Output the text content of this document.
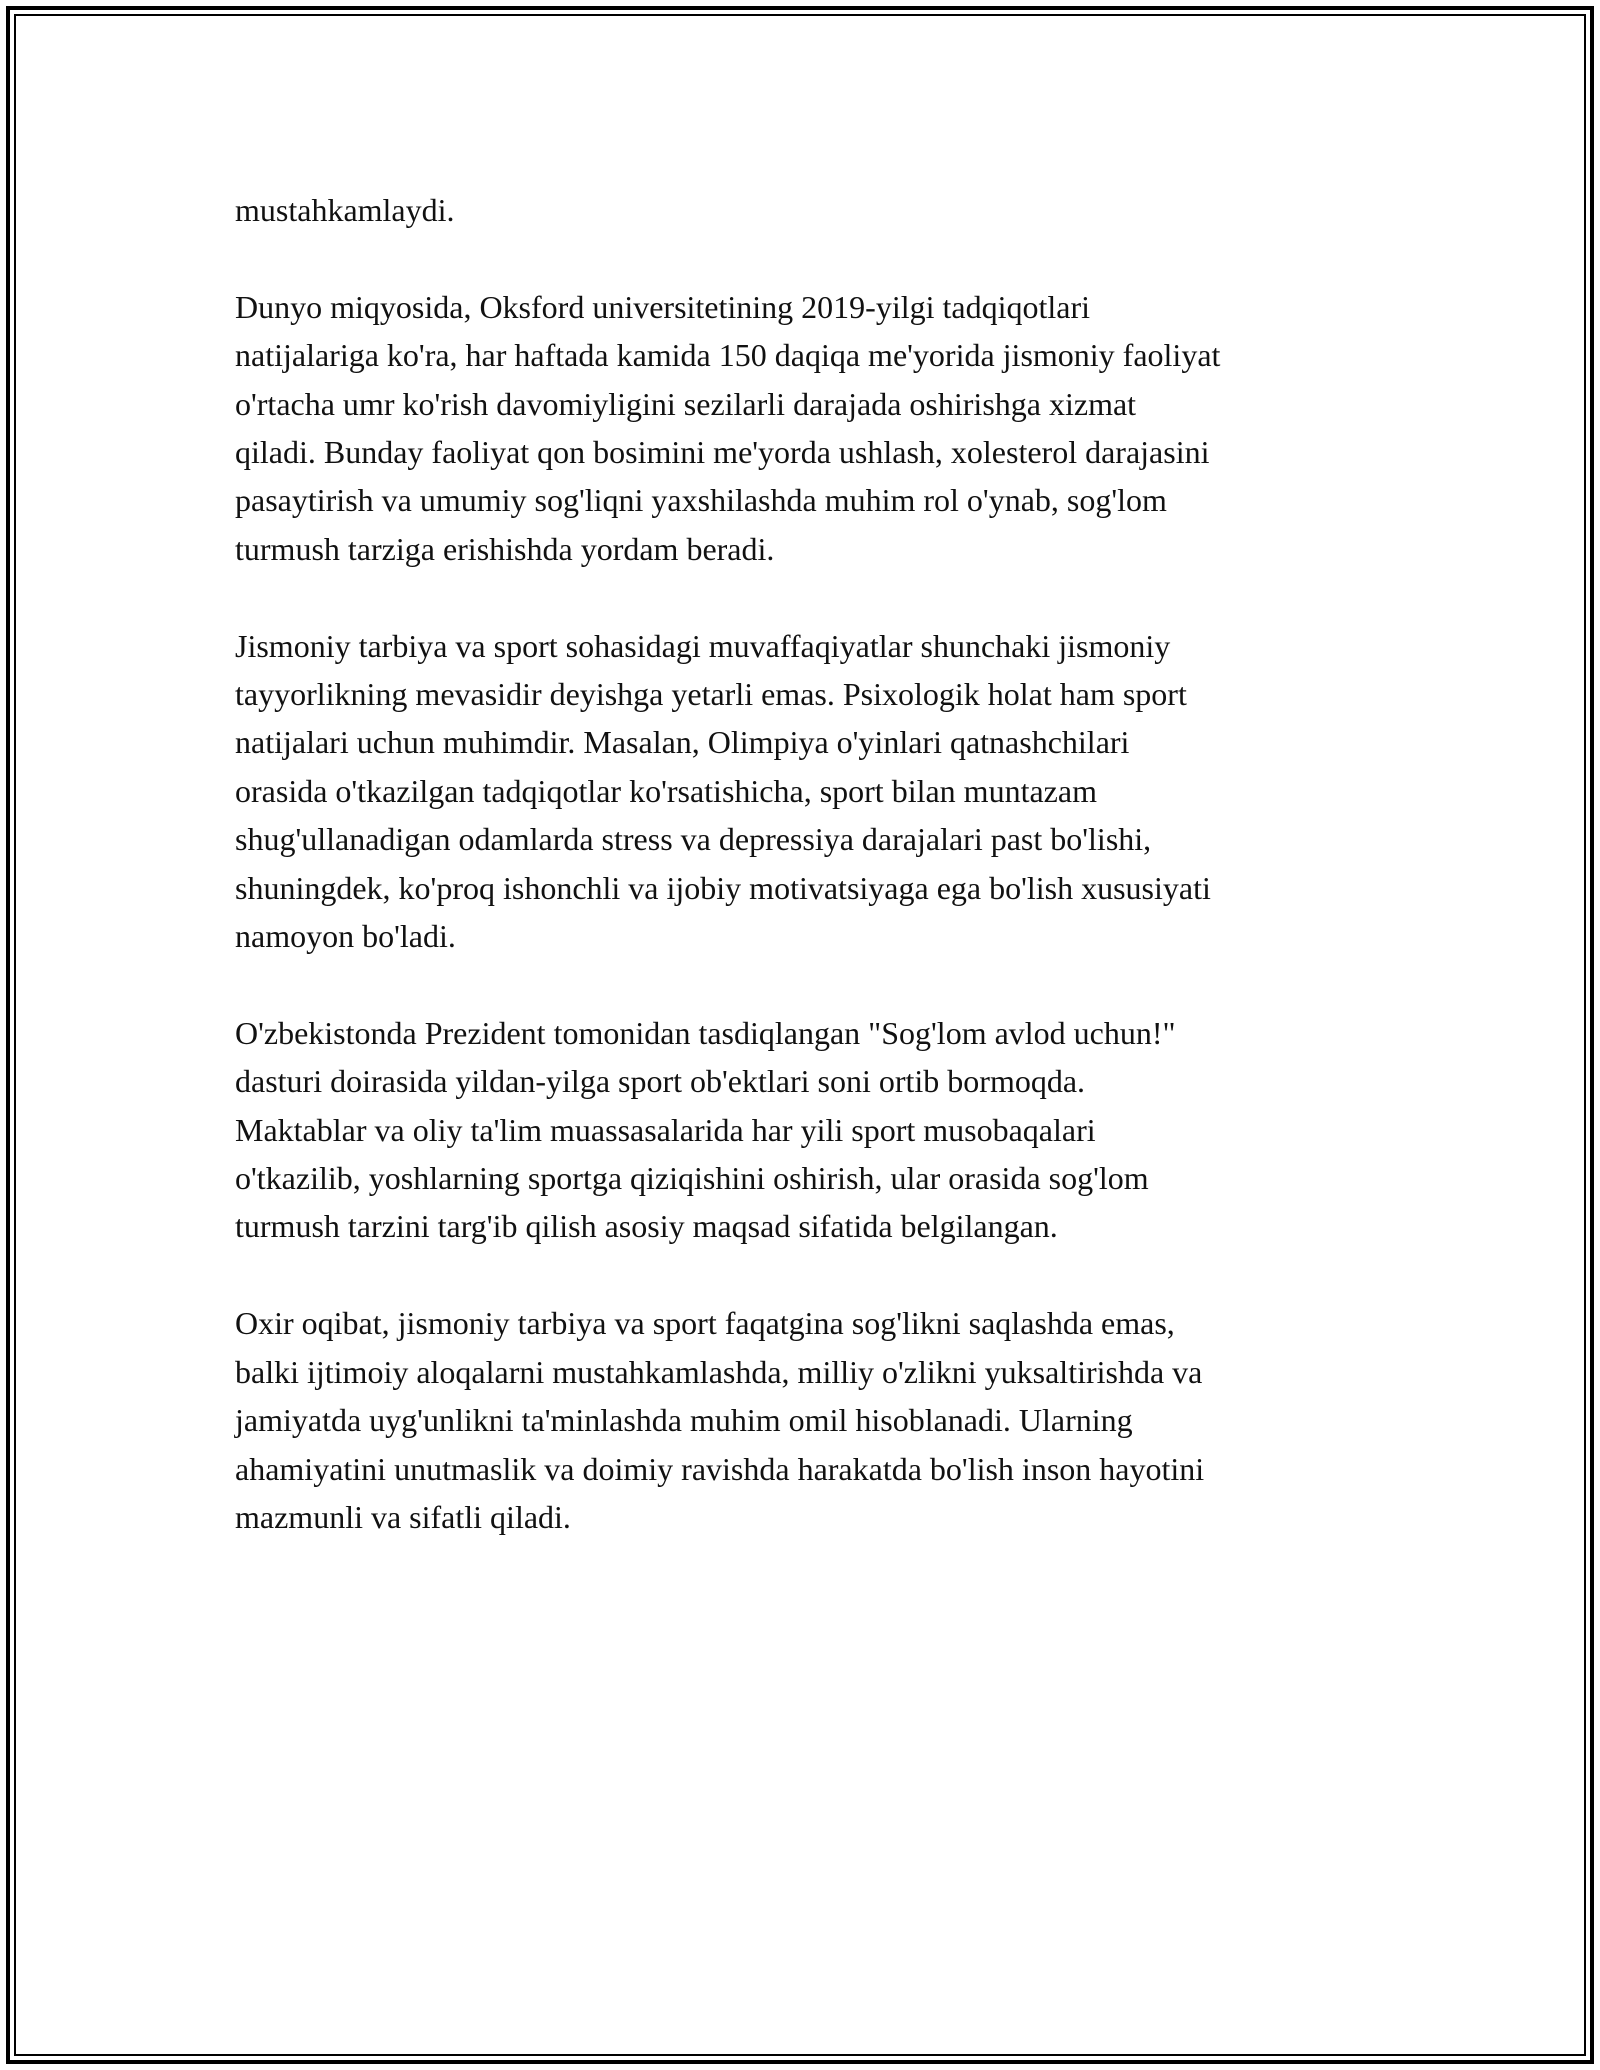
mustahkamlaydi.

Dunyo miqyosida, Oksford universitetining 2019-yilgi tadqiqotlari
natijalariga ko'ra, har haftada kamida 150 daqiqa me'yorida jismoniy faoliyat
o'rtacha umr ko'rish davomiyligini sezilarli darajada oshirishga xizmat
qiladi. Bunday faoliyat qon bosimini me'yorda ushlash, xolesterol darajasini
pasaytirish va umumiy sog'liqni yaxshilashda muhim rol o'ynab, sog'lom
turmush tarziga erishishda yordam beradi.

Jismoniy tarbiya va sport sohasidagi muvaffaqiyatlar shunchaki jismoniy
tayyorlikning mevasidir deyishga yetarli emas. Psixologik holat ham sport
natijalari uchun muhimdir. Masalan, Olimpiya o'yinlari qatnashchilari
orasida o'tkazilgan tadqiqotlar ko'rsatishicha, sport bilan muntazam
shug'ullanadigan odamlarda stress va depressiya darajalari past bo'lishi,
shuningdek, ko'proq ishonchli va ijobiy motivatsiyaga ega bo'lish xususiyati
namoyon bo'ladi.

O'zbekistonda Prezident tomonidan tasdiqlangan "Sog'lom avlod uchun!"
dasturi doirasida yildan-yilga sport ob'ektlari soni ortib bormoqda.
Maktablar va oliy ta'lim muassasalarida har yili sport musobaqalari
o'tkazilib, yoshlarning sportga qiziqishini oshirish, ular orasida sog'lom
turmush tarzini targ'ib qilish asosiy maqsad sifatida belgilangan.

Oxir oqibat, jismoniy tarbiya va sport faqatgina sog'likni saqlashda emas,
balki ijtimoiy aloqalarni mustahkamlashda, milliy o'zlikni yuksaltirishda va
jamiyatda uyg'unlikni ta'minlashda muhim omil hisoblanadi. Ularning
ahamiyatini unutmaslik va doimiy ravishda harakatda bo'lish inson hayotini
mazmunli va sifatli qiladi.
